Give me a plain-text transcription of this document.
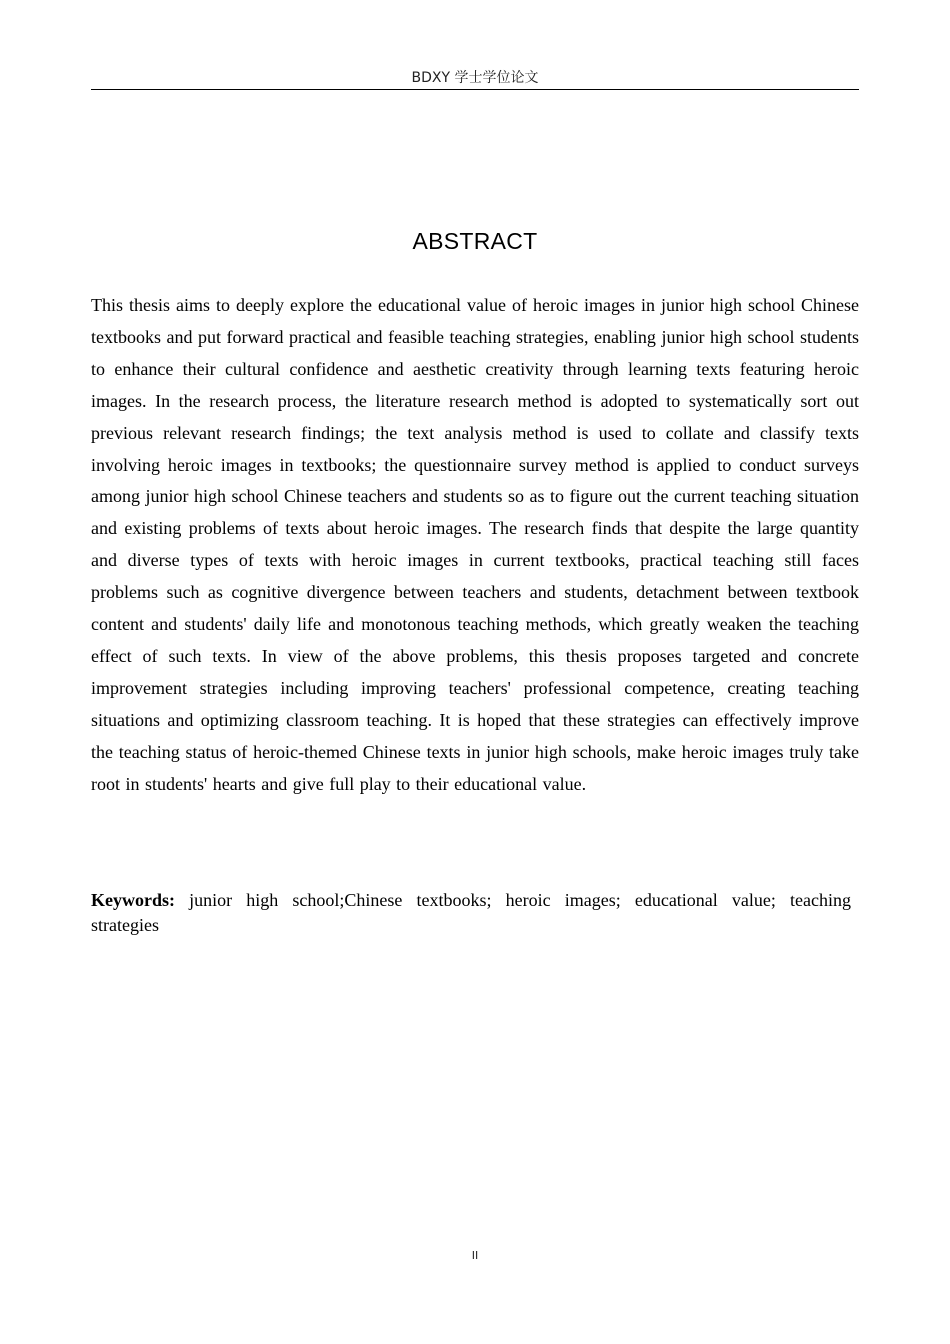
BDXY 学士学位论文
ABSTRACT

This thesis aims to deeply explore the educational value of heroic images in junior high school Chinese textbooks and put forward practical and feasible teaching strategies, enabling junior high school students to enhance their cultural confidence and aesthetic creativity through learning texts featuring heroic images. In the research process, the literature research method is adopted to systematically sort out previous relevant research findings; the text analysis method is used to collate and classify texts involving heroic images in textbooks; the questionnaire survey method is applied to conduct surveys among junior high school Chinese teachers and students so as to figure out the current teaching situation and existing problems of texts about heroic images. The research finds that despite the large quantity and diverse types of texts with heroic images in current textbooks, practical teaching still faces problems such as cognitive divergence between teachers and students, detachment between textbook content and students' daily life and monotonous teaching methods, which greatly weaken the teaching effect of such texts. In view of the above problems, this thesis proposes targeted and concrete improvement strategies including improving teachers' professional competence, creating teaching situations and optimizing classroom teaching. It is hoped that these strategies can effectively improve the teaching status of heroic-themed Chinese texts in junior high schools, make heroic images truly take root in students' hearts and give full play to their educational value.

Keywords: junior high school;Chinese textbooks; heroic images; educational value; teaching strategies

II
